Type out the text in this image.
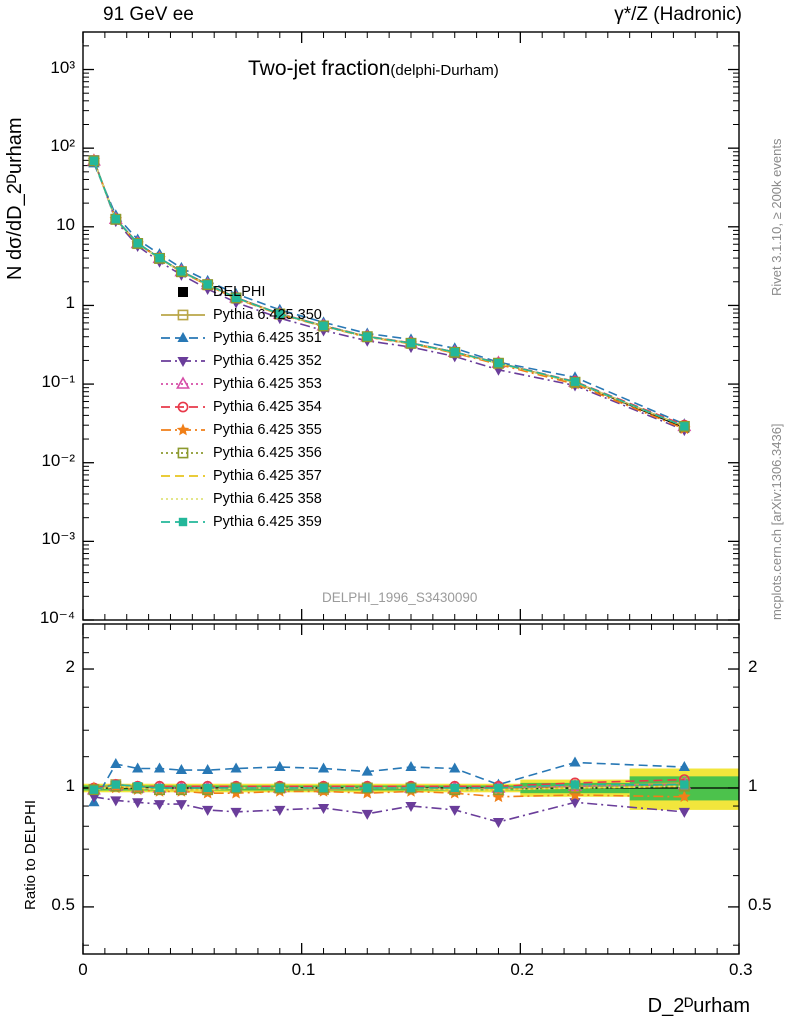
91 GeV ee	γ*/Z (Hadronic)
Rivet 3.1.10, ≥ 200k events
mcplots.cern.ch [arXiv:1306.3436]
N dσ/dD_2ᴰurham
Ratio to DELPHI
D_2ᴰurham
Two-jet fraction(delphi-Durham)
DELPHI_1996_S3430090
DELPHI
Pythia 6.425 350
Pythia 6.425 351
Pythia 6.425 352
Pythia 6.425 353
Pythia 6.425 354
Pythia 6.425 355
Pythia 6.425 356
Pythia 6.425 357
Pythia 6.425 358
Pythia 6.425 359
10³
10²
10
1
10⁻¹
10⁻²
10⁻³
10⁻⁴
0	0.1	0.2	0.3
2	2
1	1
0.5	0.5
